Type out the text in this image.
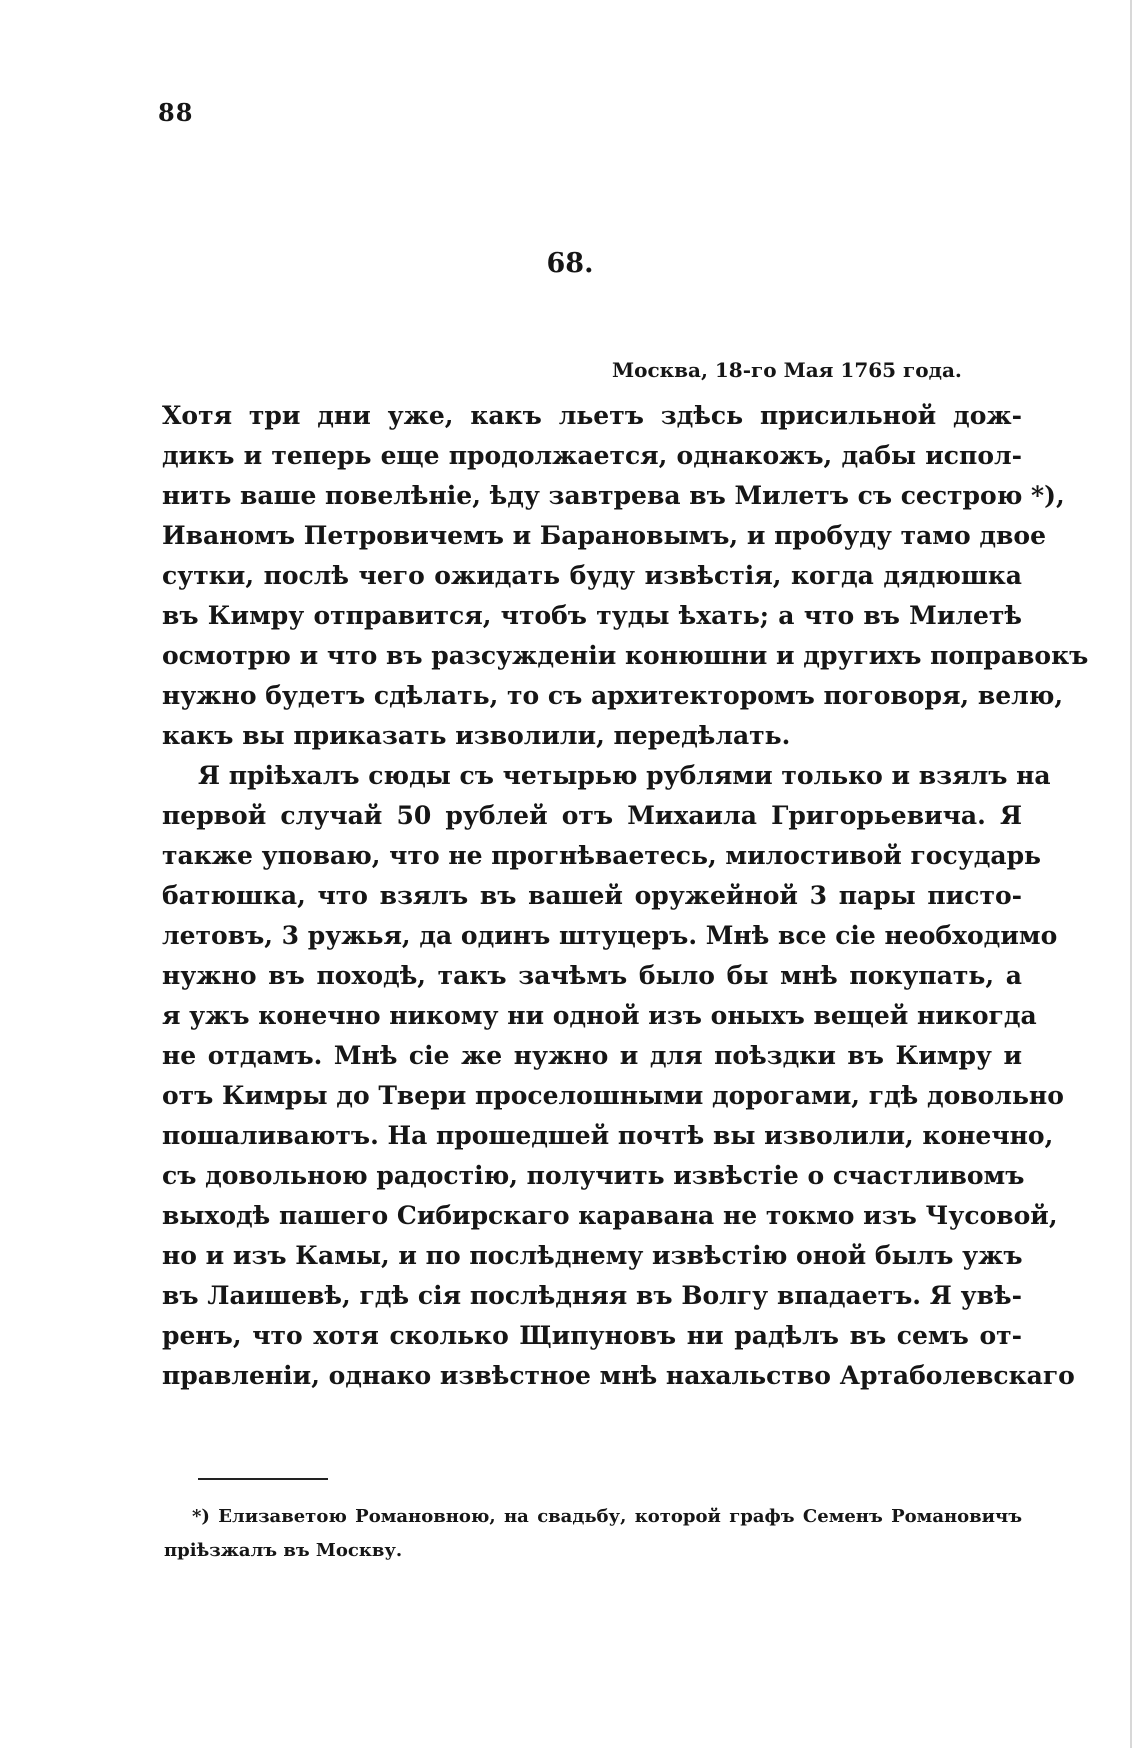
88
68.
Москва, 18-го Мая 1765 года.
Хотя три дни уже, какъ льетъ здѣсь присильной дож-
дикъ и теперь еще продолжается, однакожъ, дабы испол-
нить ваше повелѣніе, ѣду завтрева въ Милетъ съ сестрою *),
Иваномъ Петровичемъ и Барановымъ, и пробуду тамо двое
сутки, послѣ чего ожидать буду извѣстія, когда дядюшка
въ Кимру отправится, чтобъ туды ѣхать; а что въ Милетѣ
осмотрю и что въ разсужденіи конюшни и другихъ поправокъ
нужно будетъ сдѣлать, то съ архитекторомъ поговоря, велю,
какъ вы приказать изволили, передѣлать.
Я пріѣхалъ сюды съ четырью рублями только и взялъ на
первой случай 50 рублей отъ Михаила Григорьевича. Я
также уповаю, что не прогнѣваетесь, милостивой государь
батюшка, что взялъ въ вашей оружейной 3 пары писто-
летовъ, 3 ружья, да одинъ штуцеръ. Мнѣ все сіе необходимо
нужно въ походѣ, такъ зачѣмъ было бы мнѣ покупать, а
я ужъ конечно никому ни одной изъ оныхъ вещей никогда
не отдамъ. Мнѣ сіе же нужно и для поѣздки въ Кимру и
отъ Кимры до Твери проселошными дорогами, гдѣ довольно
пошаливаютъ. На прошедшей почтѣ вы изволили, конечно,
съ довольною радостію, получить извѣстіе о счастливомъ
выходѣ пашего Сибирскаго каравана не токмо изъ Чусовой,
но и изъ Камы, и по послѣднему извѣстію оной былъ ужъ
въ Лаишевѣ, гдѣ сія послѣдняя въ Волгу впадаетъ. Я увѣ-
ренъ, что хотя сколько Щипуновъ ни радѣлъ въ семъ от-
правленіи, однако извѣстное мнѣ нахальство Артаболевскаго
*) Елизаветою Романовною, на свадьбу, которой графъ Семенъ Романовичъ
пріѣзжалъ въ Москву.
